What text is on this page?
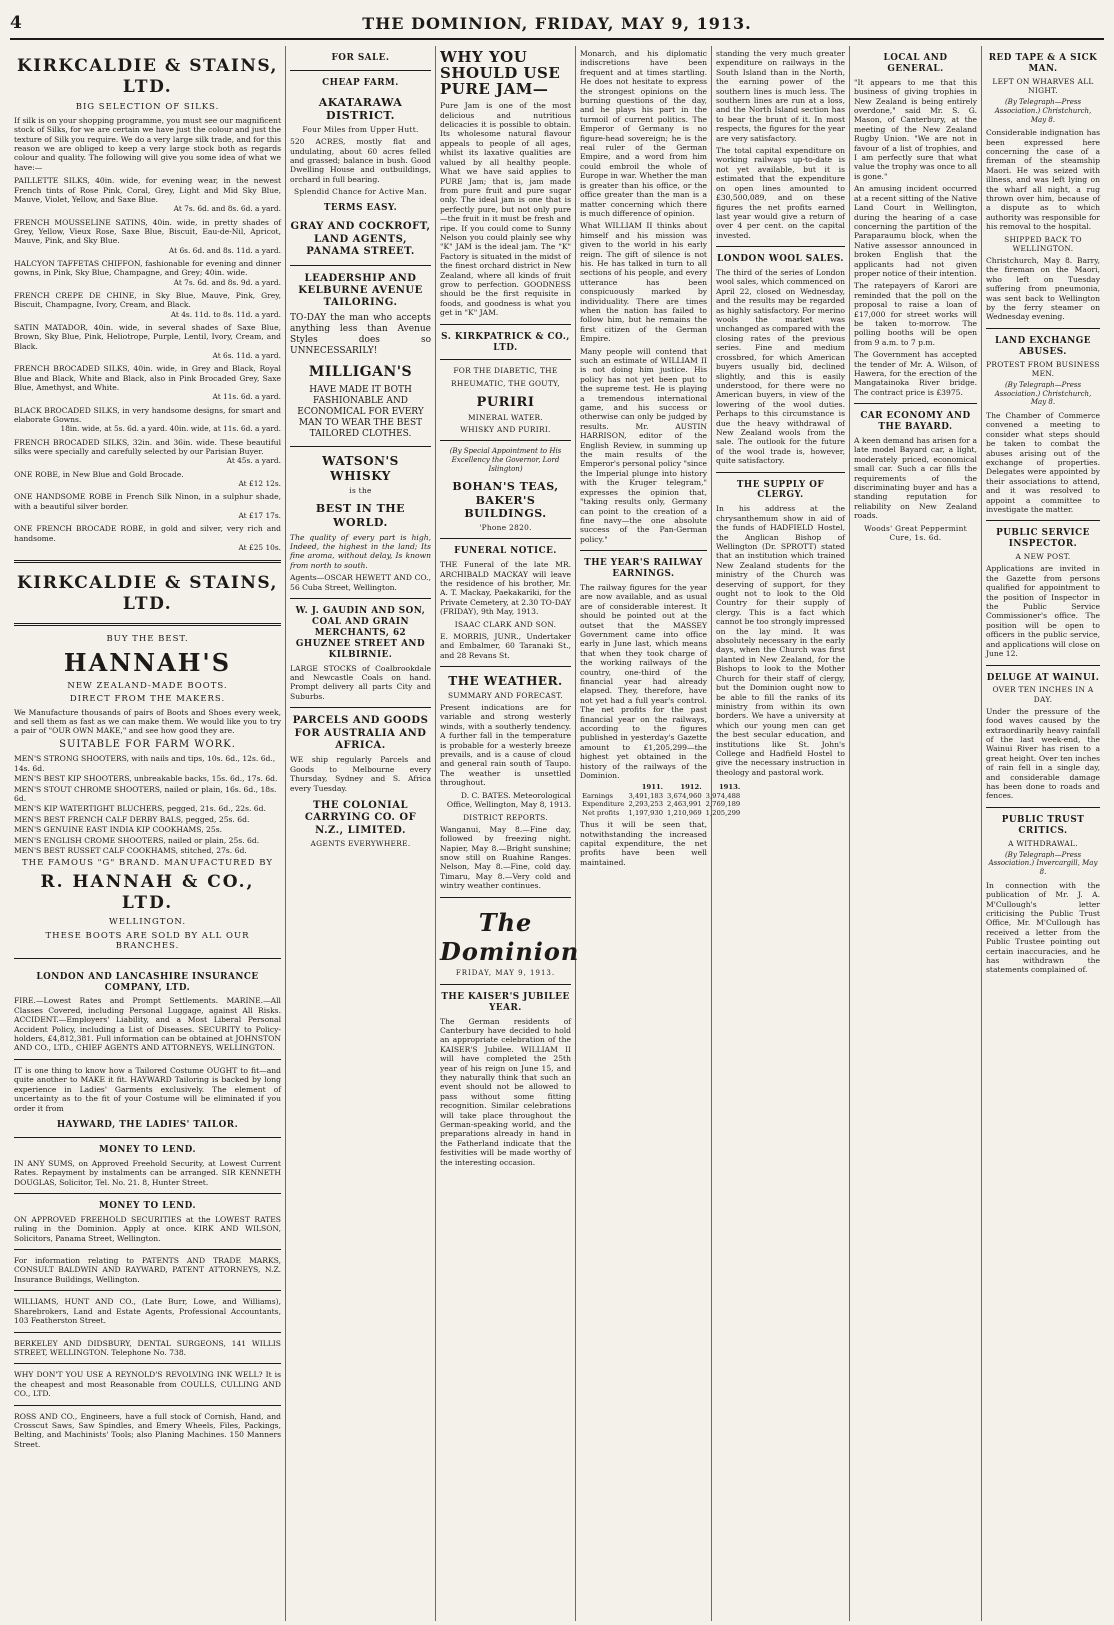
4	THE DOMINION, FRIDAY, MAY 9, 1913.
KIRKCALDIE & STAINS, LTD.
BIG SELECTION OF SILKS.
If silk is on your shopping programme, you must see our magnificent stock of Silks, for we are certain we have just the colour and just the texture of Silk you require. We do a very large silk trade, and for this reason we are obliged to keep a very large stock both as regards colour and quality. The following will give you some idea of what we have:—
PAILLETTE SILKS, 40in. wide, for evening wear, in the newest French tints of Rose Pink, Coral, Grey, Light and Mid Sky Blue, Mauve, Violet, Yellow, and Saxe Blue.
At 7s. 6d. and 8s. 6d. a yard.
FRENCH MOUSSELINE SATINS, 40in. wide, in pretty shades of Grey, Yellow, Vieux Rose, Saxe Blue, Biscuit, Eau-de-Nil, Apricot, Mauve, Pink, and Sky Blue.
At 6s. 6d. and 8s. 11d. a yard.
HALCYON TAFFETAS CHIFFON, fashionable for evening and dinner gowns, in Pink, Sky Blue, Champagne, and Grey; 40in. wide.
At 7s. 6d. and 8s. 9d. a yard.
FRENCH CREPE DE CHINE, in Sky Blue, Mauve, Pink, Grey, Biscuit, Champagne, Ivory, Cream, and Black.
At 4s. 11d. to 8s. 11d. a yard.
SATIN MATADOR, 40in. wide, in several shades of Saxe Blue, Brown, Sky Blue, Pink, Heliotrope, Purple, Lentil, Ivory, Cream, and Black.
At 6s. 11d. a yard.
FRENCH BROCADED SILKS, 40in. wide, in Grey and Black, Royal Blue and Black, White and Black, also in Pink Brocaded Grey, Saxe Blue, Amethyst, and White.
At 11s. 6d. a yard.
BLACK BROCADED SILKS, in very handsome designs, for smart and elaborate Gowns.
18in. wide, at 5s. 6d. a yard. 40in. wide, at 11s. 6d. a yard.
FRENCH BROCADED SILKS, 32in. and 36in. wide. These beautiful silks were specially and carefully selected by our Parisian Buyer.
At 45s. a yard.
ONE ROBE, in New Blue and Gold Brocade.
At £12 12s.
ONE HANDSOME ROBE in French Silk Ninon, in a sulphur shade, with a beautiful silver border.
At £17 17s.
ONE FRENCH BROCADE ROBE, in gold and silver, very rich and handsome.
At £25 10s.
KIRKCALDIE & STAINS, LTD.
BUY THE BEST.
HANNAH'S
NEW ZEALAND-MADE BOOTS.
DIRECT FROM THE MAKERS.
We Manufacture thousands of pairs of Boots and Shoes every week, and sell them as fast as we can make them. We would like you to try a pair of "OUR OWN MAKE," and see how good they are.
SUITABLE FOR FARM WORK.
MEN'S STRONG SHOOTERS, with nails and tips, 10s. 6d., 12s. 6d., 14s. 6d.
MEN'S BEST KIP SHOOTERS, unbreakable backs, 15s. 6d., 17s. 6d.
MEN'S STOUT CHROME SHOOTERS, nailed or plain, 16s. 6d., 18s. 6d.
MEN'S KIP WATERTIGHT BLUCHERS, pegged, 21s. 6d., 22s. 6d.
MEN'S BEST FRENCH CALF DERBY BALS, pegged, 25s. 6d.
MEN'S GENUINE EAST INDIA KIP COOKHAMS, 25s.
MEN'S ENGLISH CROME SHOOTERS, nailed or plain, 25s. 6d.
MEN'S BEST RUSSET CALF COOKHAMS, stitched, 27s. 6d.
THE FAMOUS "G" BRAND. MANUFACTURED BY
R. HANNAH & CO., LTD.
WELLINGTON.
THESE BOOTS ARE SOLD BY ALL OUR BRANCHES.
LONDON AND LANCASHIRE INSURANCE COMPANY, LTD.
FIRE.—Lowest Rates and Prompt Settlements. MARINE.—All Classes Covered, including Personal Luggage, against All Risks. ACCIDENT.—Employers' Liability, and a Most Liberal Personal Accident Policy, including a List of Diseases. SECURITY to Policy-holders, £4,812,381. Full information can be obtained at JOHNSTON AND CO., LTD., CHIEF AGENTS AND ATTORNEYS, WELLINGTON.
IT is one thing to know how a Tailored Costume OUGHT to fit—and quite another to MAKE it fit. HAYWARD Tailoring is backed by long experience in Ladies' Garments exclusively. The element of uncertainty as to the fit of your Costume will be eliminated if you order it from
HAYWARD, THE LADIES' TAILOR.
MONEY TO LEND.
IN ANY SUMS, on Approved Freehold Security, at Lowest Current Rates. Repayment by instalments can be arranged. SIR KENNETH DOUGLAS, Solicitor, Tel. No. 21. 8, Hunter Street.
MONEY TO LEND.
ON APPROVED FREEHOLD SECURITIES at the LOWEST RATES ruling in the Dominion. Apply at once. KIRK AND WILSON, Solicitors, Panama Street, Wellington.
For information relating to PATENTS AND TRADE MARKS, CONSULT BALDWIN AND RAYWARD, PATENT ATTORNEYS, N.Z. Insurance Buildings, Wellington.
WILLIAMS, HUNT AND CO., (Late Burr, Lowe, and Williams), Sharebrokers, Land and Estate Agents, Professional Accountants, 103 Featherston Street.
BERKELEY AND DIDSBURY, DENTAL SURGEONS, 141 WILLIS STREET, WELLINGTON. Telephone No. 738.
WHY DON'T YOU USE A REYNOLD'S REVOLVING INK WELL? It is the cheapest and most Reasonable from COULLS, CULLING AND CO., LTD.
ROSS AND CO., Engineers, have a full stock of Cornish, Hand, and Crosscut Saws, Saw Spindles, and Emery Wheels, Files, Packings, Belting, and Machinists' Tools; also Planing Machines. 150 Manners Street.
FOR SALE.
CHEAP FARM.
AKATARAWA DISTRICT.
Four Miles from Upper Hutt.
520 ACRES, mostly flat and undulating, about 60 acres felled and grassed; balance in bush. Good Dwelling House and outbuildings, orchard in full bearing.
Splendid Chance for Active Man.
TERMS EASY.
GRAY AND COCKROFT, LAND AGENTS, PANAMA STREET.
LEADERSHIP AND KELBURNE AVENUE TAILORING.
TO-DAY the man who accepts anything less than Avenue Styles does so UNNECESSARILY!
MILLIGAN'S
HAVE MADE IT BOTH FASHIONABLE AND ECONOMICAL FOR EVERY MAN TO WEAR THE BEST TAILORED CLOTHES.
WATSON'S WHISKY
is the
BEST IN THE WORLD.
The quality of every part is high, Indeed, the highest in the land; Its fine aroma, without delay, Is known from north to south.
Agents—OSCAR HEWETT AND CO., 56 Cuba Street, Wellington.
W. J. GAUDIN AND SON, COAL AND GRAIN MERCHANTS, 62 GHUZNEE STREET AND KILBIRNIE.
LARGE STOCKS of Coalbrookdale and Newcastle Coals on hand. Prompt delivery all parts City and Suburbs.
PARCELS AND GOODS FOR AUSTRALIA AND AFRICA.
WE ship regularly Parcels and Goods to Melbourne every Thursday, Sydney and S. Africa every Tuesday.
THE COLONIAL CARRYING CO. OF N.Z., LIMITED.
AGENTS EVERYWHERE.
WHY YOU SHOULD USE PURE JAM—
Pure Jam is one of the most delicious and nutritious delicacies it is possible to obtain. Its wholesome natural flavour appeals to people of all ages, whilst its laxative qualities are valued by all healthy people. What we have said applies to PURE Jam; that is, jam made from pure fruit and pure sugar only. The ideal jam is one that is perfectly pure, but not only pure—the fruit in it must be fresh and ripe. If you could come to Sunny Nelson you could plainly see why "K" JAM is the ideal jam. The "K" Factory is situated in the midst of the finest orchard district in New Zealand, where all kinds of fruit grow to perfection. GOODNESS should be the first requisite in foods, and goodness is what you get in "K" JAM.
S. KIRKPATRICK & CO., LTD.
FOR THE DIABETIC, THE
RHEUMATIC, THE GOUTY,
PURIRI
MINERAL WATER.
WHISKY AND PURIRI.
(By Special Appointment to His Excellency the Governor, Lord Islington)
BOHAN'S TEAS, BAKER'S BUILDINGS.
'Phone 2820.
FUNERAL NOTICE.
THE Funeral of the late MR. ARCHIBALD MACKAY will leave the residence of his brother, Mr. A. T. Mackay, Paekakariki, for the Private Cemetery, at 2.30 TO-DAY (FRIDAY), 9th May, 1913.
ISAAC CLARK AND SON.
E. MORRIS, JUNR., Undertaker and Embalmer, 60 Taranaki St., and 28 Revans St.
THE WEATHER.
SUMMARY AND FORECAST.
Present indications are for variable and strong westerly winds, with a southerly tendency. A further fall in the temperature is probable for a westerly breeze prevails, and is a cause of cloud and general rain south of Taupo. The weather is unsettled throughout.
D. C. BATES. Meteorological Office, Wellington, May 8, 1913.
DISTRICT REPORTS.
Wanganui, May 8.—Fine day, followed by freezing night. Napier, May 8.—Bright sunshine; snow still on Ruahine Ranges. Nelson, May 8.—Fine, cold day. Timaru, May 8.—Very cold and wintry weather continues.
The Dominion
FRIDAY, MAY 9, 1913.
THE KAISER'S JUBILEE YEAR.
The German residents of Canterbury have decided to hold an appropriate celebration of the KAISER'S Jubilee. WILLIAM II will have completed the 25th year of his reign on June 15, and they naturally think that such an event should not be allowed to pass without some fitting recognition. Similar celebrations will take place throughout the German-speaking world, and the preparations already in hand in the Fatherland indicate that the festivities will be made worthy of the interesting occasion.
Monarch, and his diplomatic indiscretions have been frequent and at times startling. He does not hesitate to express the strongest opinions on the burning questions of the day, and he plays his part in the turmoil of current politics. The Emperor of Germany is no figure-head sovereign; he is the real ruler of the German Empire, and a word from him could embroil the whole of Europe in war. Whether the man is greater than his office, or the office greater than the man is a matter concerning which there is much difference of opinion.
What WILLIAM II thinks about himself and his mission was given to the world in his early reign. The gift of silence is not his. He has talked in turn to all sections of his people, and every utterance has been conspicuously marked by individuality. There are times when the nation has failed to follow him, but he remains the first citizen of the German Empire.
Many people will contend that such an estimate of WILLIAM II is not doing him justice. His policy has not yet been put to the supreme test. He is playing a tremendous international game, and his success or otherwise can only be judged by results. Mr. AUSTIN HARRISON, editor of the English Review, in summing up the main results of the Emperor's personal policy "since the Imperial plunge into history with the Kruger telegram," expresses the opinion that, "taking results only, Germany can point to the creation of a fine navy—the one absolute success of the Pan-German policy."
THE YEAR'S RAILWAY EARNINGS.
The railway figures for the year are now available, and as usual are of considerable interest. It should be pointed out at the outset that the MASSEY Government came into office early in June last, which means that when they took charge of the working railways of the country, one-third of the financial year had already elapsed. They, therefore, have not yet had a full year's control. The net profits for the past financial year on the railways, according to the figures published in yesterday's Gazette amount to £1,205,299—the highest yet obtained in the history of the railways of the Dominion.
	1911.	1912.	1913.
Earnings	3,491,183	3,674,960	3,974,488
Expenditure	2,293,253	2,463,991	2,769,189
Net profits	1,197,930	1,210,969	1,205,299
Thus it will be seen that, notwithstanding the increased capital expenditure, the net profits have been well maintained.
standing the very much greater expenditure on railways in the South Island than in the North, the earning power of the southern lines is much less. The southern lines are run at a loss, and the North Island section has to bear the brunt of it. In most respects, the figures for the year are very satisfactory.
The total capital expenditure on working railways up-to-date is not yet available, but it is estimated that the expenditure on open lines amounted to £30,500,089, and on these figures the net profits earned last year would give a return of over 4 per cent. on the capital invested.
LONDON WOOL SALES.
The third of the series of London wool sales, which commenced on April 22, closed on Wednesday, and the results may be regarded as highly satisfactory. For merino wools the market was unchanged as compared with the closing rates of the previous series. Fine and medium crossbred, for which American buyers usually bid, declined slightly, and this is easily understood, for there were no American buyers, in view of the lowering of the wool duties. Perhaps to this circumstance is due the heavy withdrawal of New Zealand wools from the sale. The outlook for the future of the wool trade is, however, quite satisfactory.
THE SUPPLY OF CLERGY.
In his address at the chrysanthemum show in aid of the funds of HADFIELD Hostel, the Anglican Bishop of Wellington (Dr. SPROTT) stated that an institution which trained New Zealand students for the ministry of the Church was deserving of support, for they ought not to look to the Old Country for their supply of clergy. This is a fact which cannot be too strongly impressed on the lay mind. It was absolutely necessary in the early days, when the Church was first planted in New Zealand, for the Bishops to look to the Mother Church for their staff of clergy, but the Dominion ought now to be able to fill the ranks of its ministry from within its own borders. We have a university at which our young men can get the best secular education, and institutions like St. John's College and Hadfield Hostel to give the necessary instruction in theology and pastoral work.
LOCAL AND GENERAL.
"It appears to me that this business of giving trophies in New Zealand is being entirely overdone," said Mr. S. G. Mason, of Canterbury, at the meeting of the New Zealand Rugby Union. "We are not in favour of a list of trophies, and I am perfectly sure that what value the trophy was once to all is gone."
An amusing incident occurred at a recent sitting of the Native Land Court in Wellington, during the hearing of a case concerning the partition of the Paraparaumu block, when the Native assessor announced in broken English that the applicants had not given proper notice of their intention.
The ratepayers of Karori are reminded that the poll on the proposal to raise a loan of £17,000 for street works will be taken to-morrow. The polling booths will be open from 9 a.m. to 7 p.m.
The Government has accepted the tender of Mr. A. Wilson, of Hawera, for the erection of the Mangatainoka River bridge. The contract price is £3975.
CAR ECONOMY AND THE BAYARD.
A keen demand has arisen for a late model Bayard car, a light, moderately priced, economical small car. Such a car fills the requirements of the discriminating buyer and has a standing reputation for reliability on New Zealand roads.
Woods' Great Peppermint Cure, 1s. 6d.
RED TAPE & A SICK MAN.
LEFT ON WHARVES ALL NIGHT.
(By Telegraph—Press Association.) Christchurch, May 8.
Considerable indignation has been expressed here concerning the case of a fireman of the steamship Maori. He was seized with illness, and was left lying on the wharf all night, a rug thrown over him, because of a dispute as to which authority was responsible for his removal to the hospital.
SHIPPED BACK TO WELLINGTON.
Christchurch, May 8. Barry, the fireman on the Maori, who left on Tuesday suffering from pneumonia, was sent back to Wellington by the ferry steamer on Wednesday evening.
LAND EXCHANGE ABUSES.
PROTEST FROM BUSINESS MEN.
(By Telegraph—Press Association.) Christchurch, May 8.
The Chamber of Commerce convened a meeting to consider what steps should be taken to combat the abuses arising out of the exchange of properties. Delegates were appointed by their associations to attend, and it was resolved to appoint a committee to investigate the matter.
PUBLIC SERVICE INSPECTOR.
A NEW POST.
Applications are invited in the Gazette from persons qualified for appointment to the position of Inspector in the Public Service Commissioner's office. The position will be open to officers in the public service, and applications will close on June 12.
DELUGE AT WAINUI.
OVER TEN INCHES IN A DAY.
Under the pressure of the food waves caused by the extraordinarily heavy rainfall of the last week-end, the Wainui River has risen to a great height. Over ten inches of rain fell in a single day, and considerable damage has been done to roads and fences.
PUBLIC TRUST CRITICS.
A WITHDRAWAL.
(By Telegraph—Press Association.) Invercargill, May 8.
In connection with the publication of Mr. J. A. M'Cullough's letter criticising the Public Trust Office, Mr. M'Cullough has received a letter from the Public Trustee pointing out certain inaccuracies, and he has withdrawn the statements complained of.
